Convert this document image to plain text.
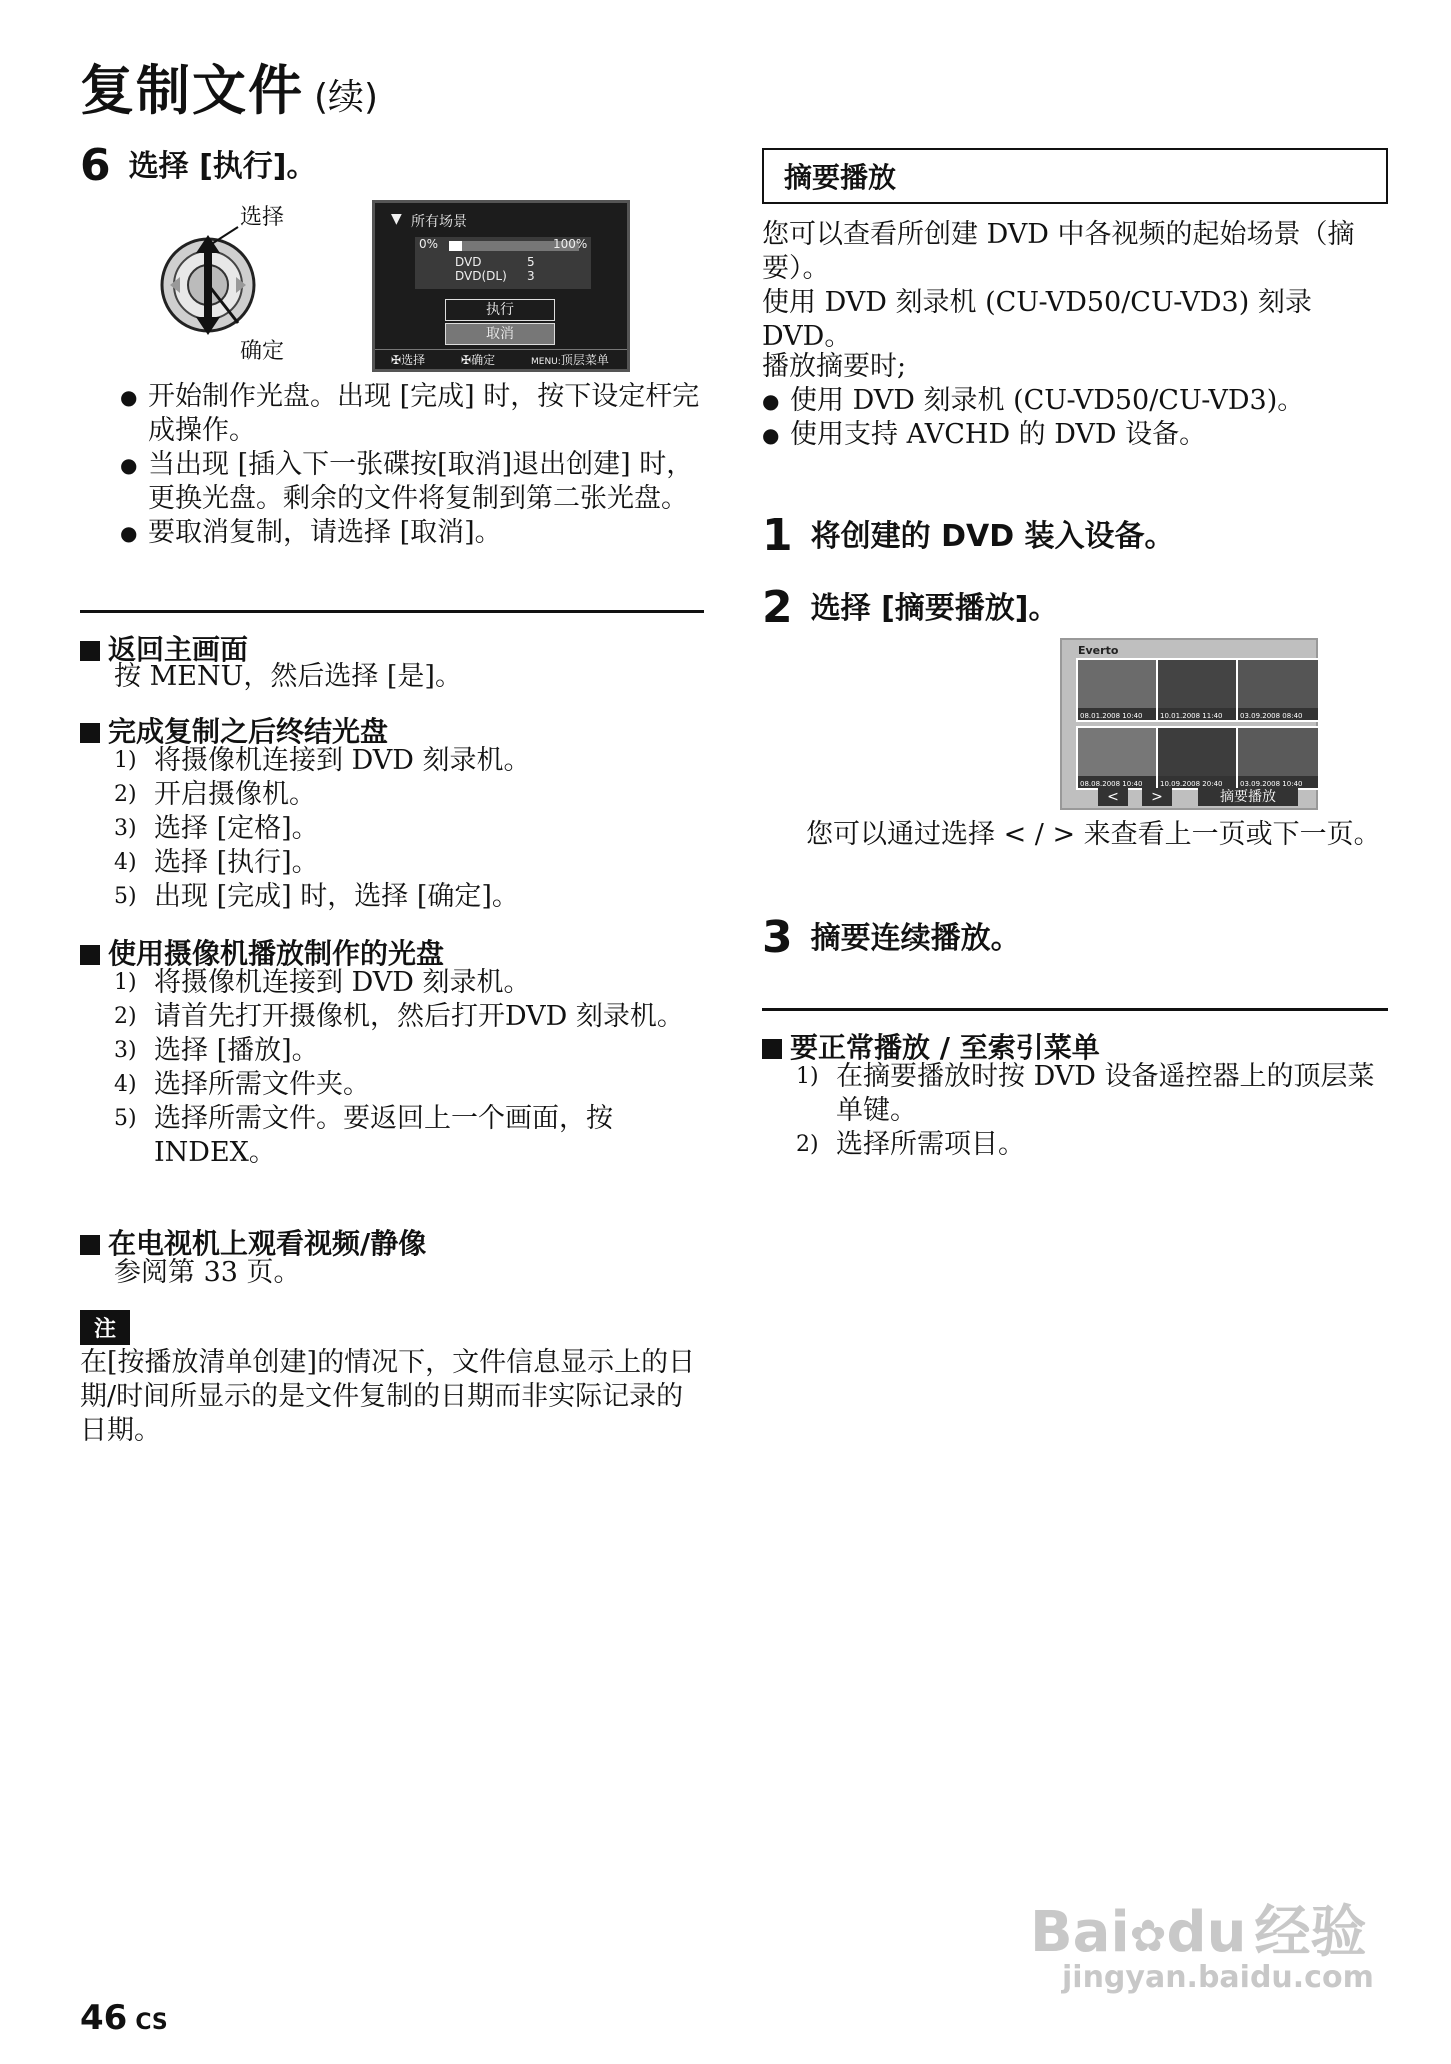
复制文件 (续)
6 选择 [执行]。
选择
确定
▼ 所有场景
0%	100%
DVD	5
DVD(DL) 3
执行
取消
✠选择	✠确定	MENU:顶层菜单
● 开始制作光盘。出现 [完成] 时，按下设定杆完成操作。
● 当出现 [插入下一张碟按[取消]退出创建] 时，更换光盘。剩余的文件将复制到第二张光盘。
● 要取消复制，请选择 [取消]。
返回主画面
按 MENU，然后选择 [是]。
完成复制之后终结光盘
1) 将摄像机连接到 DVD 刻录机。
2) 开启摄像机。
3) 选择 [定格]。
4) 选择 [执行]。
5) 出现 [完成] 时，选择 [确定]。
使用摄像机播放制作的光盘
1) 将摄像机连接到 DVD 刻录机。
2) 请首先打开摄像机，然后打开DVD 刻录机。
3) 选择 [播放]。
4) 选择所需文件夹。
5) 选择所需文件。要返回上一个画面，按 INDEX。
在电视机上观看视频/静像
参阅第 33 页。
注
在[按播放清单创建]的情况下，文件信息显示上的日期/时间所显示的是文件复制的日期而非实际记录的日期。
摘要播放
您可以查看所创建 DVD 中各视频的起始场景（摘要）。
使用 DVD 刻录机 (CU-VD50/CU-VD3) 刻录 DVD。
播放摘要时;
● 使用 DVD 刻录机 (CU-VD50/CU-VD3)。
● 使用支持 AVCHD 的 DVD 设备。
1 将创建的 DVD 装入设备。
2 选择 [摘要播放]。
Everto
08.01.2008 10:40	10.01.2008 11:40	03.09.2008 08:40
08.08.2008 10:40	10.09.2008 20:40	03.09.2008 10:40
<	>	摘要播放
您可以通过选择 < / > 来查看上一页或下一页。
3 摘要连续播放。
要正常播放 / 至索引菜单
1) 在摘要播放时按 DVD 设备遥控器上的顶层菜单键。
2) 选择所需项目。
46 CS
Bai✿du 经验
jingyan.baidu.com
